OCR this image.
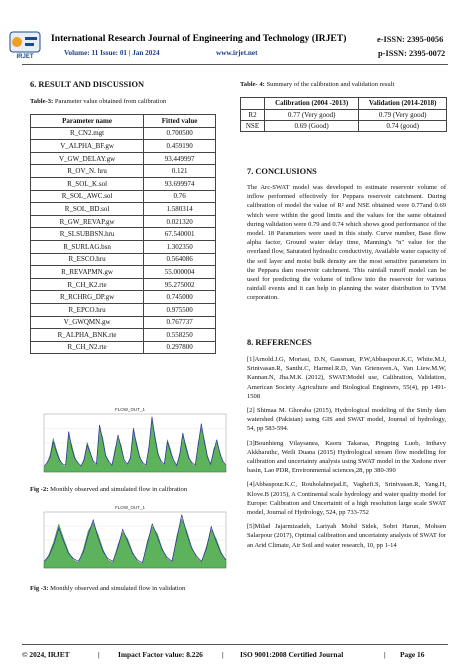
IRJET
International Research Journal of Engineering and Technology (IRJET)	e-ISSN: 2395-0056
Volume: 11 Issue: 01 | Jan 2024	www.irjet.net	p-ISSN: 2395-0072
6. RESULT AND DISCUSSION
Table-3: Parameter value obtained from calibration
Parameter name	Fitted value
R_CN2.mgt	0.700500
V_ALPHA_BF.gw	0.459190
V_GW_DELAY.gw	93.449997
R_OV_N. hru	0.121
R_SOL_K.sol	93.699974
R_SOL_AWC.sol	0.76
R_SOL_BD.sol	1.580314
R_GW_REVAP.gw	0.021320
R_SLSUBBSN.hru	67.540001
R_SURLAG.bsn	1.302350
R_ESCO.hru	0.564086
R_REVAPMN.gw	55.000004
R_CH_K2.rte	95.275002
R_RCHRG_DP.gw	0.745000
R_EPCO.hru	0.975500
V_GWQMN.gw	0.767737
R_ALPHA_BNK.rte	0.558250
R_CH_N2.rte	0.297800
Table- 4: Summary of the calibration and validation result
	Calibration (2004 -2013)	Validation (2014-2018)
R2	0.77 (Very good)	0.79 (Very good)
NSE	0.69 (Good)	0.74 (good)
7. CONCLUSIONS
The Arc-SWAT model was developed to estimate reservoir volume of inflow performed effectively for Peppara reservoir catchment. During calibration of model the value of R² and NSE obtained were 0.77and 0.69 which were within the good limits and the values for the same obtained during validation were 0.79 and 0.74 which shows good performance of the model. 18 Parameters were used in this study. Curve number, Base flow alpha factor, Ground water delay time, Manning's "n" value for the overland flow, Saturated hydraulic conductivity, Available water capacity of the soil layer and moist bulk density are the most sensitive parameters in the Peppara dam reservoir catchment. This rainfall runoff model can be used for predicting the volume of inflow into the reservoir for various rainfall events and it can help in planning the water distribution to TVM corporation.
8. REFERENCES
[1]Arnold.J.G, Moriasi, D.N, Gassman, P.W,Abbaspour.K.C, White.M.J, Srinivasan.R, Santhi.C, Harmel.R.D, Van Griensven.A, Van Liew.M.W, Kannan.N, Jha.M.K (2012), SWAT:Model use, Calibration, Validation, American Society Agriculture and Biological Engineers, 55(4), pp 1491-1508
[2] Shimaa M. Ghoraba (2015), Hydrological modeling of the Simly dam watershed (Pakistan) using GIS and SWAT model, Journal of hydrology, 54, pp 583-594.
[3]Bounhieng Vilaysanea, Kaoru Takaraa, Pingping Luob, Inthavy Akkharathc, Weili Duana (2015) Hydrological stream flow modelling for calibration and uncertainty analysis using SWAT model in the Xedone river basin, Lao PDR, Environmental sciences,28, pp 380-390
[4]Abbaspour.K.C, Rouholahnejad.E, Vaghefi.S, Srinivasan.R, Yang.H, Klove.B (2015), A Continental scale hydrology and water quality model for Europe: Calibration and Uncertainit of a high resolution large scale SWAT model, Journal of Hydrology, 524, pp 733-752
[5]Milad Jajarmizadeh, Lariyah Mohd Sidek, Sobri Harun, Mohsen Salarpour (2017), Optimal calibration and uncertainty analysis of SWAT for an Arid Climate, Air Soil and water research, 10, pp 1-14
FLOW_OUT_1
Fig -2: Monthly observed and simulated flow in calibration
FLOW_OUT_1
Fig -3: Monthly observed and simulated flow in validation
© 2024, IRJET	| Impact Factor value: 8.226	| ISO 9001:2008 Certified Journal	| Page 16
